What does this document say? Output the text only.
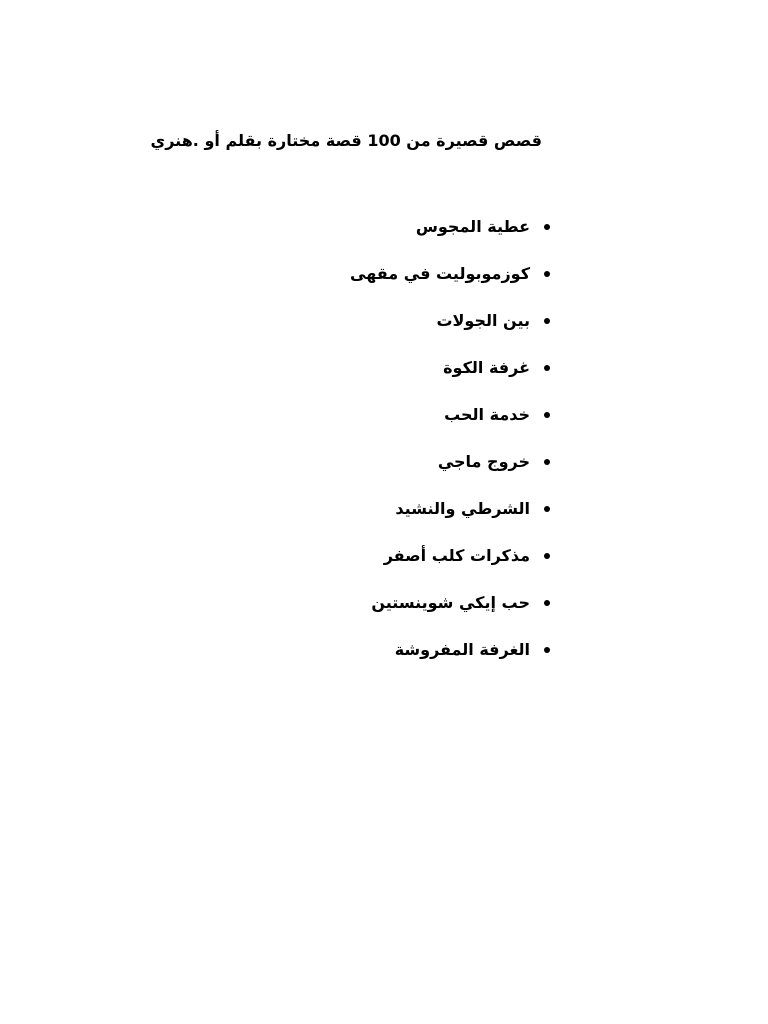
قصص قصيرة من 100 قصة مختارة بقلم أو .هنري
عطية المجوس
كوزموبوليت في مقهى
بين الجولات
غرفة الكوة
خدمة الحب
خروج ماجي
الشرطي والنشيد
مذكرات كلب أصفر
حب إيكي شوينستين
الغرفة المفروشة
